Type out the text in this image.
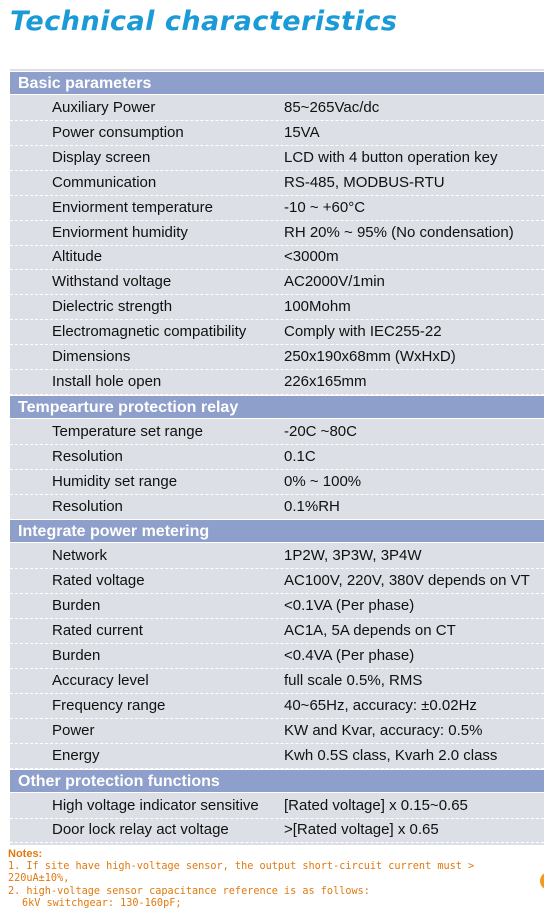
Technical characteristics
Basic parameters
Auxiliary Power	85~265Vac/dc
Power consumption	15VA
Display screen	LCD with 4 button operation key
Communication	RS-485, MODBUS-RTU
Enviorment temperature	-10 ~ +60°C
Enviorment humidity	RH 20% ~ 95% (No condensation)
Altitude	<3000m
Withstand voltage	AC2000V/1min
Dielectric strength	100Mohm
Electromagnetic compatibility	Comply with IEC255-22
Dimensions	250x190x68mm (WxHxD)
Install hole open	226x165mm
Tempearture protection relay
Temperature set range	-20C ~80C
Resolution	0.1C
Humidity set range	0% ~ 100%
Resolution	0.1%RH
Integrate power metering
Network	1P2W, 3P3W, 3P4W
Rated voltage	AC100V, 220V, 380V depends on VT
Burden	<0.1VA (Per phase)
Rated current	AC1A, 5A depends on CT
Burden	<0.4VA (Per phase)
Accuracy level	full scale 0.5%, RMS
Frequency range	40~65Hz, accuracy: ±0.02Hz
Power	KW and Kvar, accuracy: 0.5%
Energy	Kwh 0.5S class, Kvarh 2.0 class
Other protection functions
High voltage indicator sensitive [Rated voltage] x 0.15~0.65
Door lock relay act voltage	>[Rated voltage] x 0.65
Notes:
1. If site have high-voltage sensor, the output short-circuit current must > 220uA±10%,
2. high-voltage sensor capacitance reference is as follows:
6kV switchgear: 130-160pF;
